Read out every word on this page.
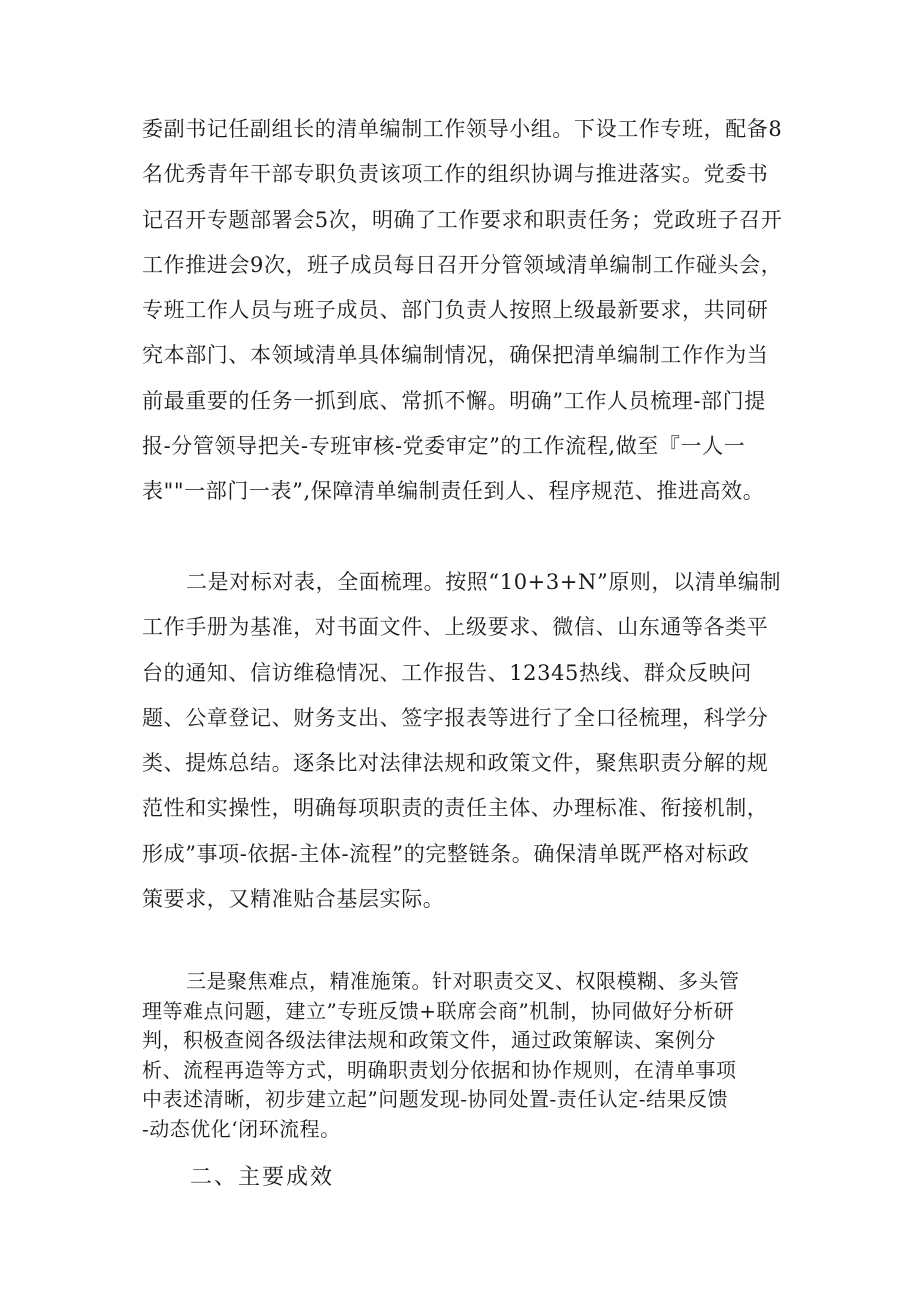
委副书记任副组长的清单编制工作领导小组。下设工作专班，配备8
名优秀青年干部专职负责该项工作的组织协调与推进落实。党委书
记召开专题部署会5次，明确了工作要求和职责任务；党政班子召开
工作推进会9次，班子成员每日召开分管领域清单编制工作碰头会，
专班工作人员与班子成员、部门负责人按照上级最新要求，共同研
究本部门、本领域清单具体编制情况，确保把清单编制工作作为当
前最重要的任务一抓到底、常抓不懈。明确”工作人员梳理-部门提
报-分管领导把关-专班审核-党委审定”的工作流程,做至『一人一
表""一部门一表”,保障清单编制责任到人、程序规范、推进高效。
二是对标对表，全面梳理。按照“10+3+N”原则，以清单编制
工作手册为基准，对书面文件、上级要求、微信、山东通等各类平
台的通知、信访维稳情况、工作报告、12345热线、群众反映问
题、公章登记、财务支出、签字报表等进行了全口径梳理，科学分
类、提炼总结。逐条比对法律法规和政策文件，聚焦职责分解的规
范性和实操性，明确每项职责的责任主体、办理标准、衔接机制，
形成”事项-依据-主体-流程”的完整链条。确保清单既严格对标政
策要求，又精准贴合基层实际。
三是聚焦难点，精准施策。针对职责交叉、权限模糊、多头管
理等难点问题，建立”专班反馈+联席会商”机制，协同做好分析研
判，积极查阅各级法律法规和政策文件，通过政策解读、案例分
析、流程再造等方式，明确职责划分依据和协作规则，在清单事项
中表述清晰，初步建立起”问题发现-协同处置-责任认定-结果反馈
-动态优化‘闭环流程。
二、主要成效
